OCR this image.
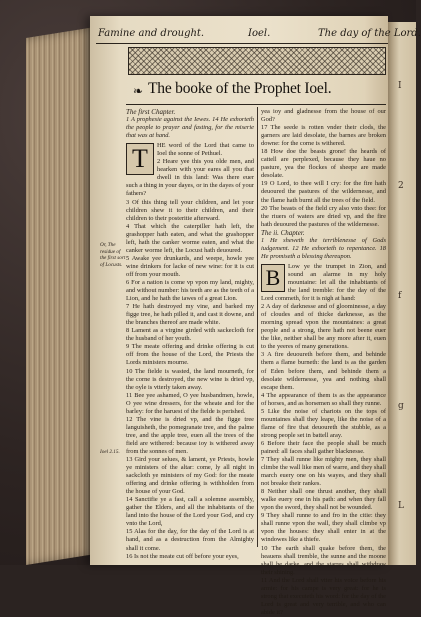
I
2
f
g
L
Famine and drought.	Ioel.	The day of the Lord.
❧ The booke of the Prophet Ioel.

The first Chapter.

1 A prophesie against the Iewes. 14 He exhorteth the people to prayer and fasting, for the miserie that was at hand.

T	HE word of the Lord that came to Ioel the sonne of Pethuel.

2 Heare yee this you olde men, and hearken with your eares all you that dwell in this land: Was there euer such a thing in your dayes, or in the dayes of your fathers?

3 Of this thing tell your children, and let your children shew it to their children, and their children to their posteritie afterward.

4 That which the caterpiller hath left, the grashopper hath eaten, and what the grashopper left, hath the canker worme eaten, and what the canker worme left, the Locust hath deuoured.

5 Awake yee drunkards, and weepe, howle yee wine drinkers for lacke of new wine: for it is cut off from your mouth.

6 For a nation is come vp vpon my land, mighty, and without number: his teeth are as the teeth of a Lion, and he hath the iawes of a great Lion.

7 He hath destroyed my vine, and barked my figge tree, he hath pilled it, and cast it downe, and the branches thereof are made white.

8 Lament as a virgine girded with sackecloth for the husband of her youth.

9 The meate offering and drinke offering is cut off from the house of the Lord, the Priests the Lords ministers mourne.

10 The fielde is wasted, the land mourneth, for the corne is destroyed, the new wine is dried vp, the oyle is vtterly taken away.

11 Bee yee ashamed, O yee husbandmen, howle, O yee wine dressers, for the wheate and for the barley: for the haruest of the fielde is perished.

12 The vine is dried vp, and the figge tree languisheth, the pomegranate tree, and the palme tree, and the apple tree, euen all the trees of the field are withered: because ioy is withered away from the sonnes of men.

13 Gird your selues, & lament, ye Priests, howle ye ministers of the altar: come, ly all night in sackcloth ye ministers of my God: for the meate offering and drinke offering is withholden from the house of your God.

14 Sanctifie ye a fast, call a solemne assembly, gather the Elders, and all the inhabitants of the land into the house of the Lord your God, and cry vnto the Lord,

15 Alas for the day, for the day of the Lord is at hand, and as a destruction from the Almighty shall it come.

16 Is not the meate cut off before your eyes,

Or, The residue of the first sort of Locusts.
Ioel 2.15.

yea ioy and gladnesse from the house of our God?

17 The seede is rotten vnder their clods, the garners are laid desolate, the barnes are broken downe: for the corne is withered.

18 How doe the beasts grone! the heards of cattell are perplexed, because they haue no pasture, yea the flockes of sheepe are made desolate.

19 O Lord, to thee will I cry: for the fire hath deuoured the pastures of the wildernesse, and the flame hath burnt all the trees of the field.

20 The beasts of the field cry also vnto thee: for the riuers of waters are dried vp, and the fire hath deuoured the pastures of the wildernesse.

The ii. Chapter.

1 He sheweth the terriblenesse of Gods iudgement. 12 He exhorteth to repentance. 18 He promiseth a blessing thereupon.

B	Low ye the trumpet in Zion, and sound an alarme in my holy mountaine: let all the inhabitants of the land tremble: for the day of the Lord commeth, for it is nigh at hand:

2 A day of darknesse and of gloominesse, a day of cloudes and of thicke darknesse, as the morning spread vpon the mountaines: a great people and a strong, there hath not beene euer the like, neither shall be any more after it, euen to the yeeres of many generations.

3 A fire deuoureth before them, and behinde them a flame burneth: the land is as the garden of Eden before them, and behinde them a desolate wildernesse, yea and nothing shall escape them.

4 The appearance of them is as the appearance of horses, and as horsemen so shall they runne.

5 Like the noise of chariots on the tops of mountaines shall they leape, like the noise of a flame of fire that deuoureth the stubble, as a strong people set in battell aray.

6 Before their face the people shall be much pained: all faces shall gather blacknesse.

7 They shall runne like mighty men, they shall climbe the wall like men of warre, and they shall march euery one on his wayes, and they shall not breake their rankes.

8 Neither shall one thrust another, they shall walke euery one in his path: and when they fall vpon the sword, they shall not be wounded.

9 They shall runne to and fro in the citie: they shall runne vpon the wall, they shall climbe vp vpon the houses: they shall enter in at the windowes like a thiefe.

10 The earth shall quake before them, the heauens shall tremble, the sunne and the moone shall be darke, and the starres shall withdraw their shining.

11 And the Lord shall vtter his voice before his armie: for his campe is very great: for he is strong that executeth his word: for the day of the Lord is great and very terrible, and who can abide it?
